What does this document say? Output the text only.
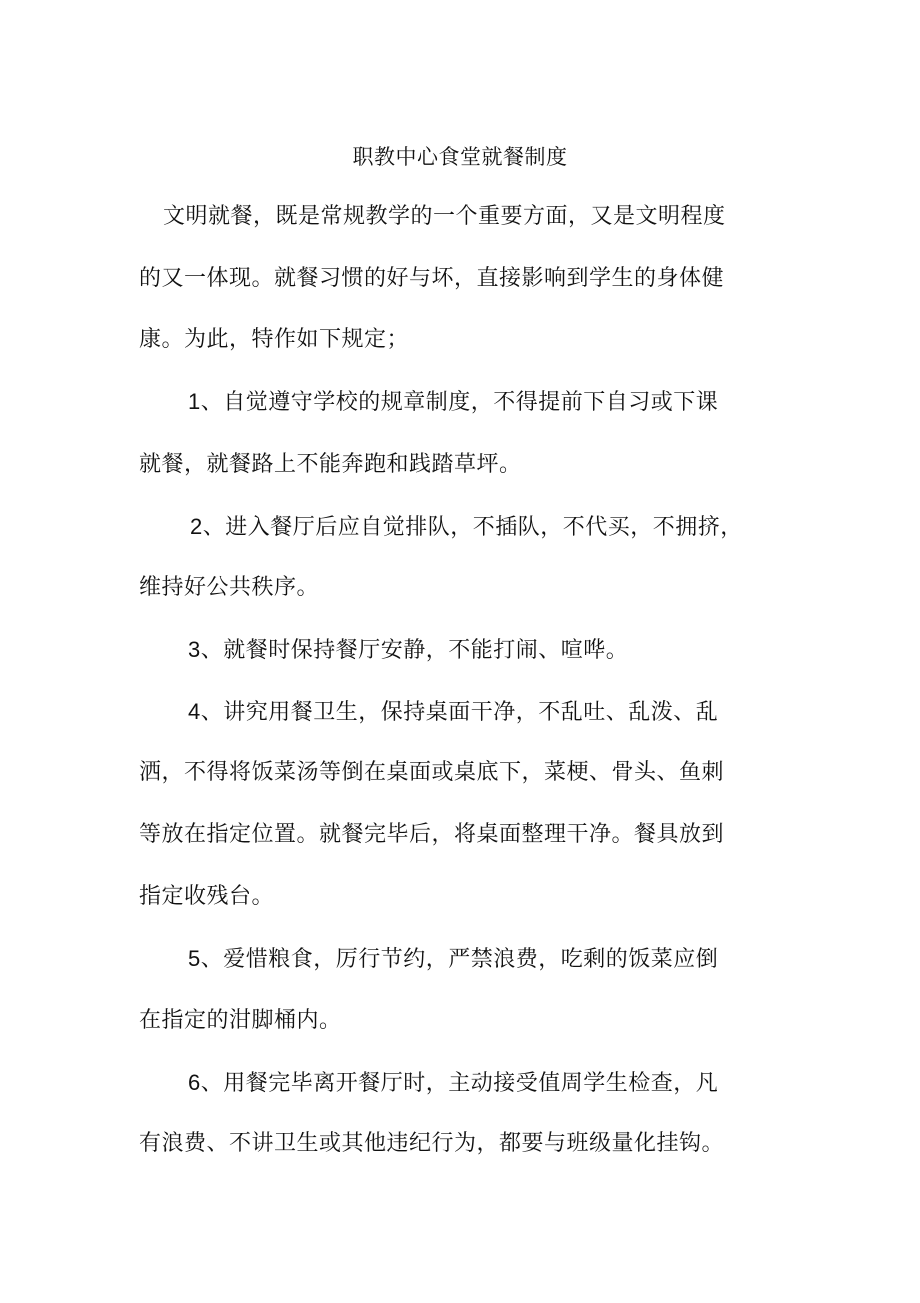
职教中心食堂就餐制度
文明就餐，既是常规教学的一个重要方面，又是文明程度
的又一体现。就餐习惯的好与坏，直接影响到学生的身体健
康。为此，特作如下规定；
1、自觉遵守学校的规章制度，不得提前下自习或下课
就餐，就餐路上不能奔跑和践踏草坪。
2、进入餐厅后应自觉排队，不插队，不代买，不拥挤，
维持好公共秩序。
3、就餐时保持餐厅安静，不能打闹、喧哗。
4、讲究用餐卫生，保持桌面干净，不乱吐、乱泼、乱
洒，不得将饭菜汤等倒在桌面或桌底下，菜梗、骨头、鱼刺
等放在指定位置。就餐完毕后，将桌面整理干净。餐具放到
指定收残台。
5、爱惜粮食，厉行节约，严禁浪费，吃剩的饭菜应倒
在指定的泔脚桶内。
6、用餐完毕离开餐厅时，主动接受值周学生检查，凡
有浪费、不讲卫生或其他违纪行为，都要与班级量化挂钩。
